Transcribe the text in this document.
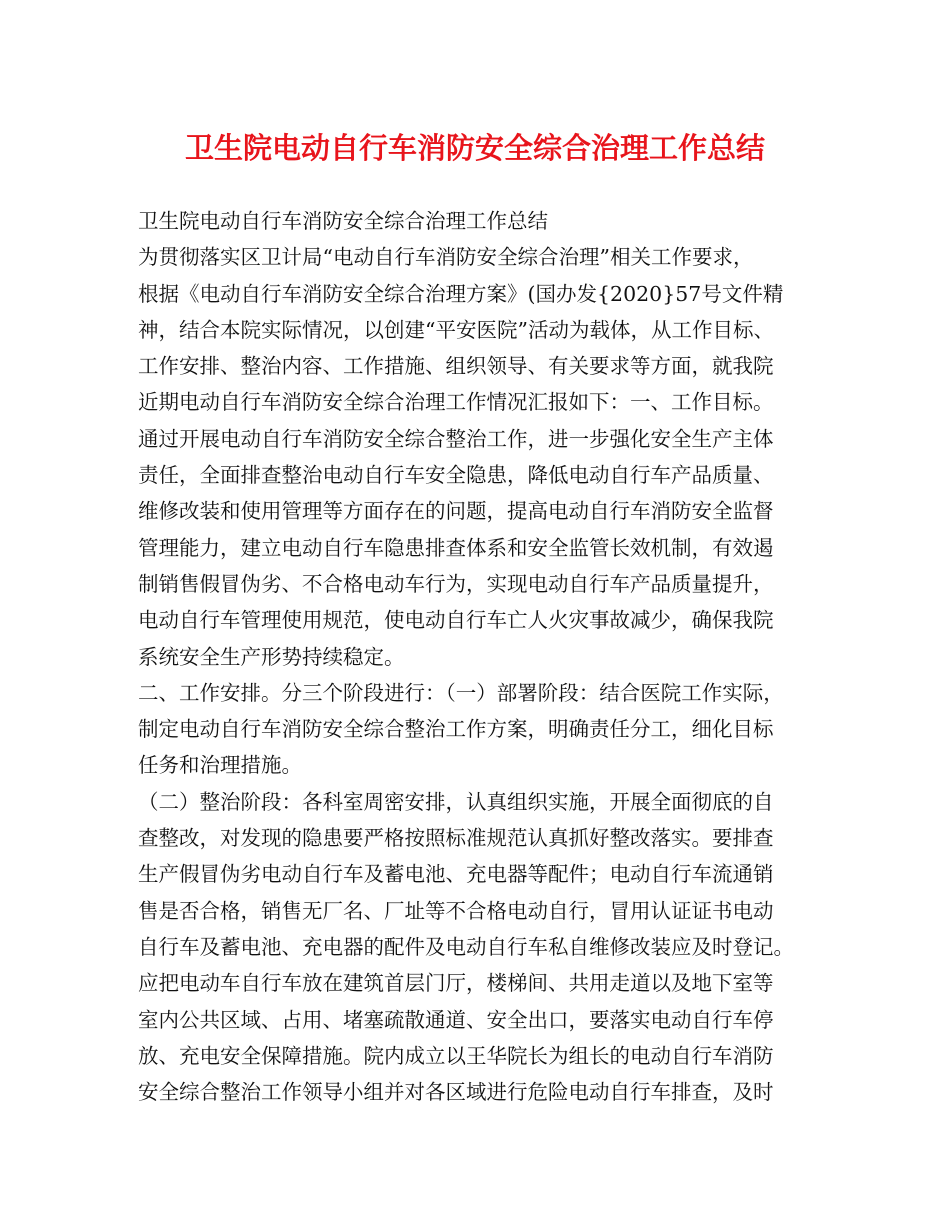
卫生院电动自行车消防安全综合治理工作总结
卫生院电动自行车消防安全综合治理工作总结
为贯彻落实区卫计局“电动自行车消防安全综合治理”相关工作要求，
根据《电动自行车消防安全综合治理方案》(国办发{2020}57号文件精
神，结合本院实际情况，以创建“平安医院”活动为载体，从工作目标、
工作安排、整治内容、工作措施、组织领导、有关要求等方面，就我院
近期电动自行车消防安全综合治理工作情况汇报如下：一、工作目标。
通过开展电动自行车消防安全综合整治工作，进一步强化安全生产主体
责任，全面排查整治电动自行车安全隐患，降低电动自行车产品质量、
维修改装和使用管理等方面存在的问题，提高电动自行车消防安全监督
管理能力，建立电动自行车隐患排查体系和安全监管长效机制，有效遏
制销售假冒伪劣、不合格电动车行为，实现电动自行车产品质量提升，
电动自行车管理使用规范，使电动自行车亡人火灾事故减少，确保我院
系统安全生产形势持续稳定。
二、工作安排。分三个阶段进行：（一）部署阶段：结合医院工作实际，
制定电动自行车消防安全综合整治工作方案，明确责任分工，细化目标
任务和治理措施。
（二）整治阶段：各科室周密安排，认真组织实施，开展全面彻底的自
查整改，对发现的隐患要严格按照标准规范认真抓好整改落实。要排查
生产假冒伪劣电动自行车及蓄电池、充电器等配件；电动自行车流通销
售是否合格，销售无厂名、厂址等不合格电动自行，冒用认证证书电动
自行车及蓄电池、充电器的配件及电动自行车私自维修改装应及时登记。
应把电动车自行车放在建筑首层门厅，楼梯间、共用走道以及地下室等
室内公共区域、占用、堵塞疏散通道、安全出口，要落实电动自行车停
放、充电安全保障措施。院内成立以王华院长为组长的电动自行车消防
安全综合整治工作领导小组并对各区域进行危险电动自行车排查，及时
